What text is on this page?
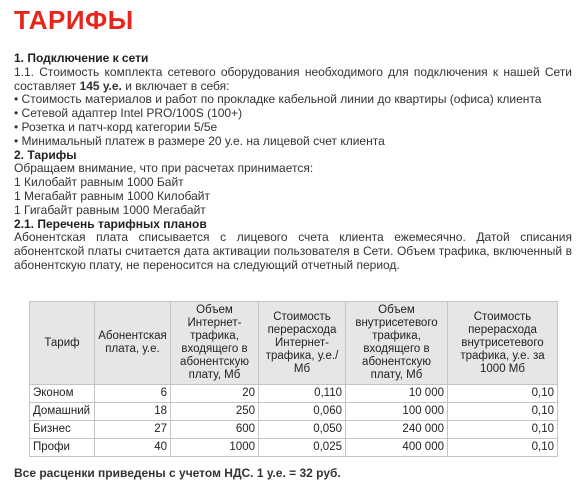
ТАРИФЫ

1. Подключение к сети

1.1. Стоимость комплекта сетевого оборудования необходимого для подключения к нашей Сети составляет 145 у.е. и включает в себя:

• Стоимость материалов и работ по прокладке кабельной линии до квартиры (офиса) клиента

• Сетевой адаптер Intel PRO/100S (100+)

• Розетка и патч-корд категории 5/5е

• Минимальный платеж в размере 20 у.е. на лицевой счет клиента

2. Тарифы

Обращаем внимание, что при расчетах принимается:

1 Килобайт равным 1000 Байт

1 Мегабайт равным 1000 Килобайт

1 Гигабайт равным 1000 Мегабайт

2.1. Перечень тарифных планов

Абонентская плата списывается с лицевого счета клиента ежемесячно. Датой списания абонентской платы считается дата активации пользователя в Сети. Объем трафика, включенный в абонентскую плату, не переносится на следующий отчетный период.

Тариф	Абонентская плата, у.е.	Объем Интернет-трафика, входящего в абонентскую плату, Мб	Стоимость перерасхода Интернет-трафика, у.е./ Мб	Объем внутрисетевого трафика, входящего в абонентскую плату, Мб	Стоимость перерасхода внутрисетевого трафика, у.е. за 1000 Мб
Эконом	6	20	0,110	10 000	0,10
Домашний	18	250	0,060	100 000	0,10
Бизнес	27	600	0,050	240 000	0,10
Профи	40	1000	0,025	400 000	0,10

Все расценки приведены с учетом НДС. 1 у.е. = 32 руб.
